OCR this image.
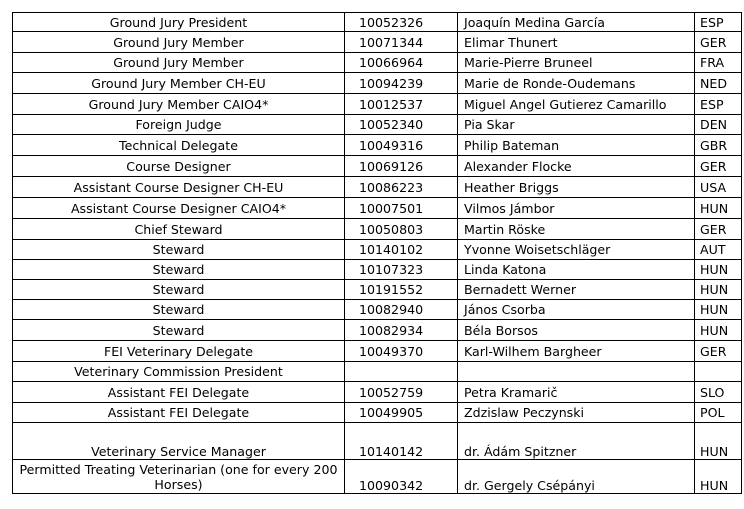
Ground Jury President	10052326	Joaquín Medina García	ESP
Ground Jury Member	10071344	Elimar Thunert	GER
Ground Jury Member	10066964	Marie-Pierre Bruneel	FRA
Ground Jury Member CH-EU	10094239	Marie de Ronde-Oudemans	NED
Ground Jury Member CAIO4*	10012537	Miguel Angel Gutierez Camarillo	ESP
Foreign Judge	10052340	Pia Skar	DEN
Technical Delegate	10049316	Philip Bateman	GBR
Course Designer	10069126	Alexander Flocke	GER
Assistant Course Designer CH-EU	10086223	Heather Briggs	USA
Assistant Course Designer CAIO4*	10007501	Vilmos Jámbor	HUN
Chief Steward	10050803	Martin Röske	GER
Steward	10140102	Yvonne Woisetschläger	AUT
Steward	10107323	Linda Katona	HUN
Steward	10191552	Bernadett Werner	HUN
Steward	10082940	János Csorba	HUN
Steward	10082934	Béla Borsos	HUN
FEI Veterinary Delegate	10049370	Karl-Wilhem Bargheer	GER
Veterinary Commission President			
Assistant FEI Delegate	10052759	Petra Kramarič	SLO
Assistant FEI Delegate	10049905	Zdzislaw Peczynski	POL
Veterinary Service Manager	10140142	dr. Ádám Spitzner	HUN
Permitted Treating Veterinarian (one for every 200 Horses)	10090342	dr. Gergely Csépányi	HUN
